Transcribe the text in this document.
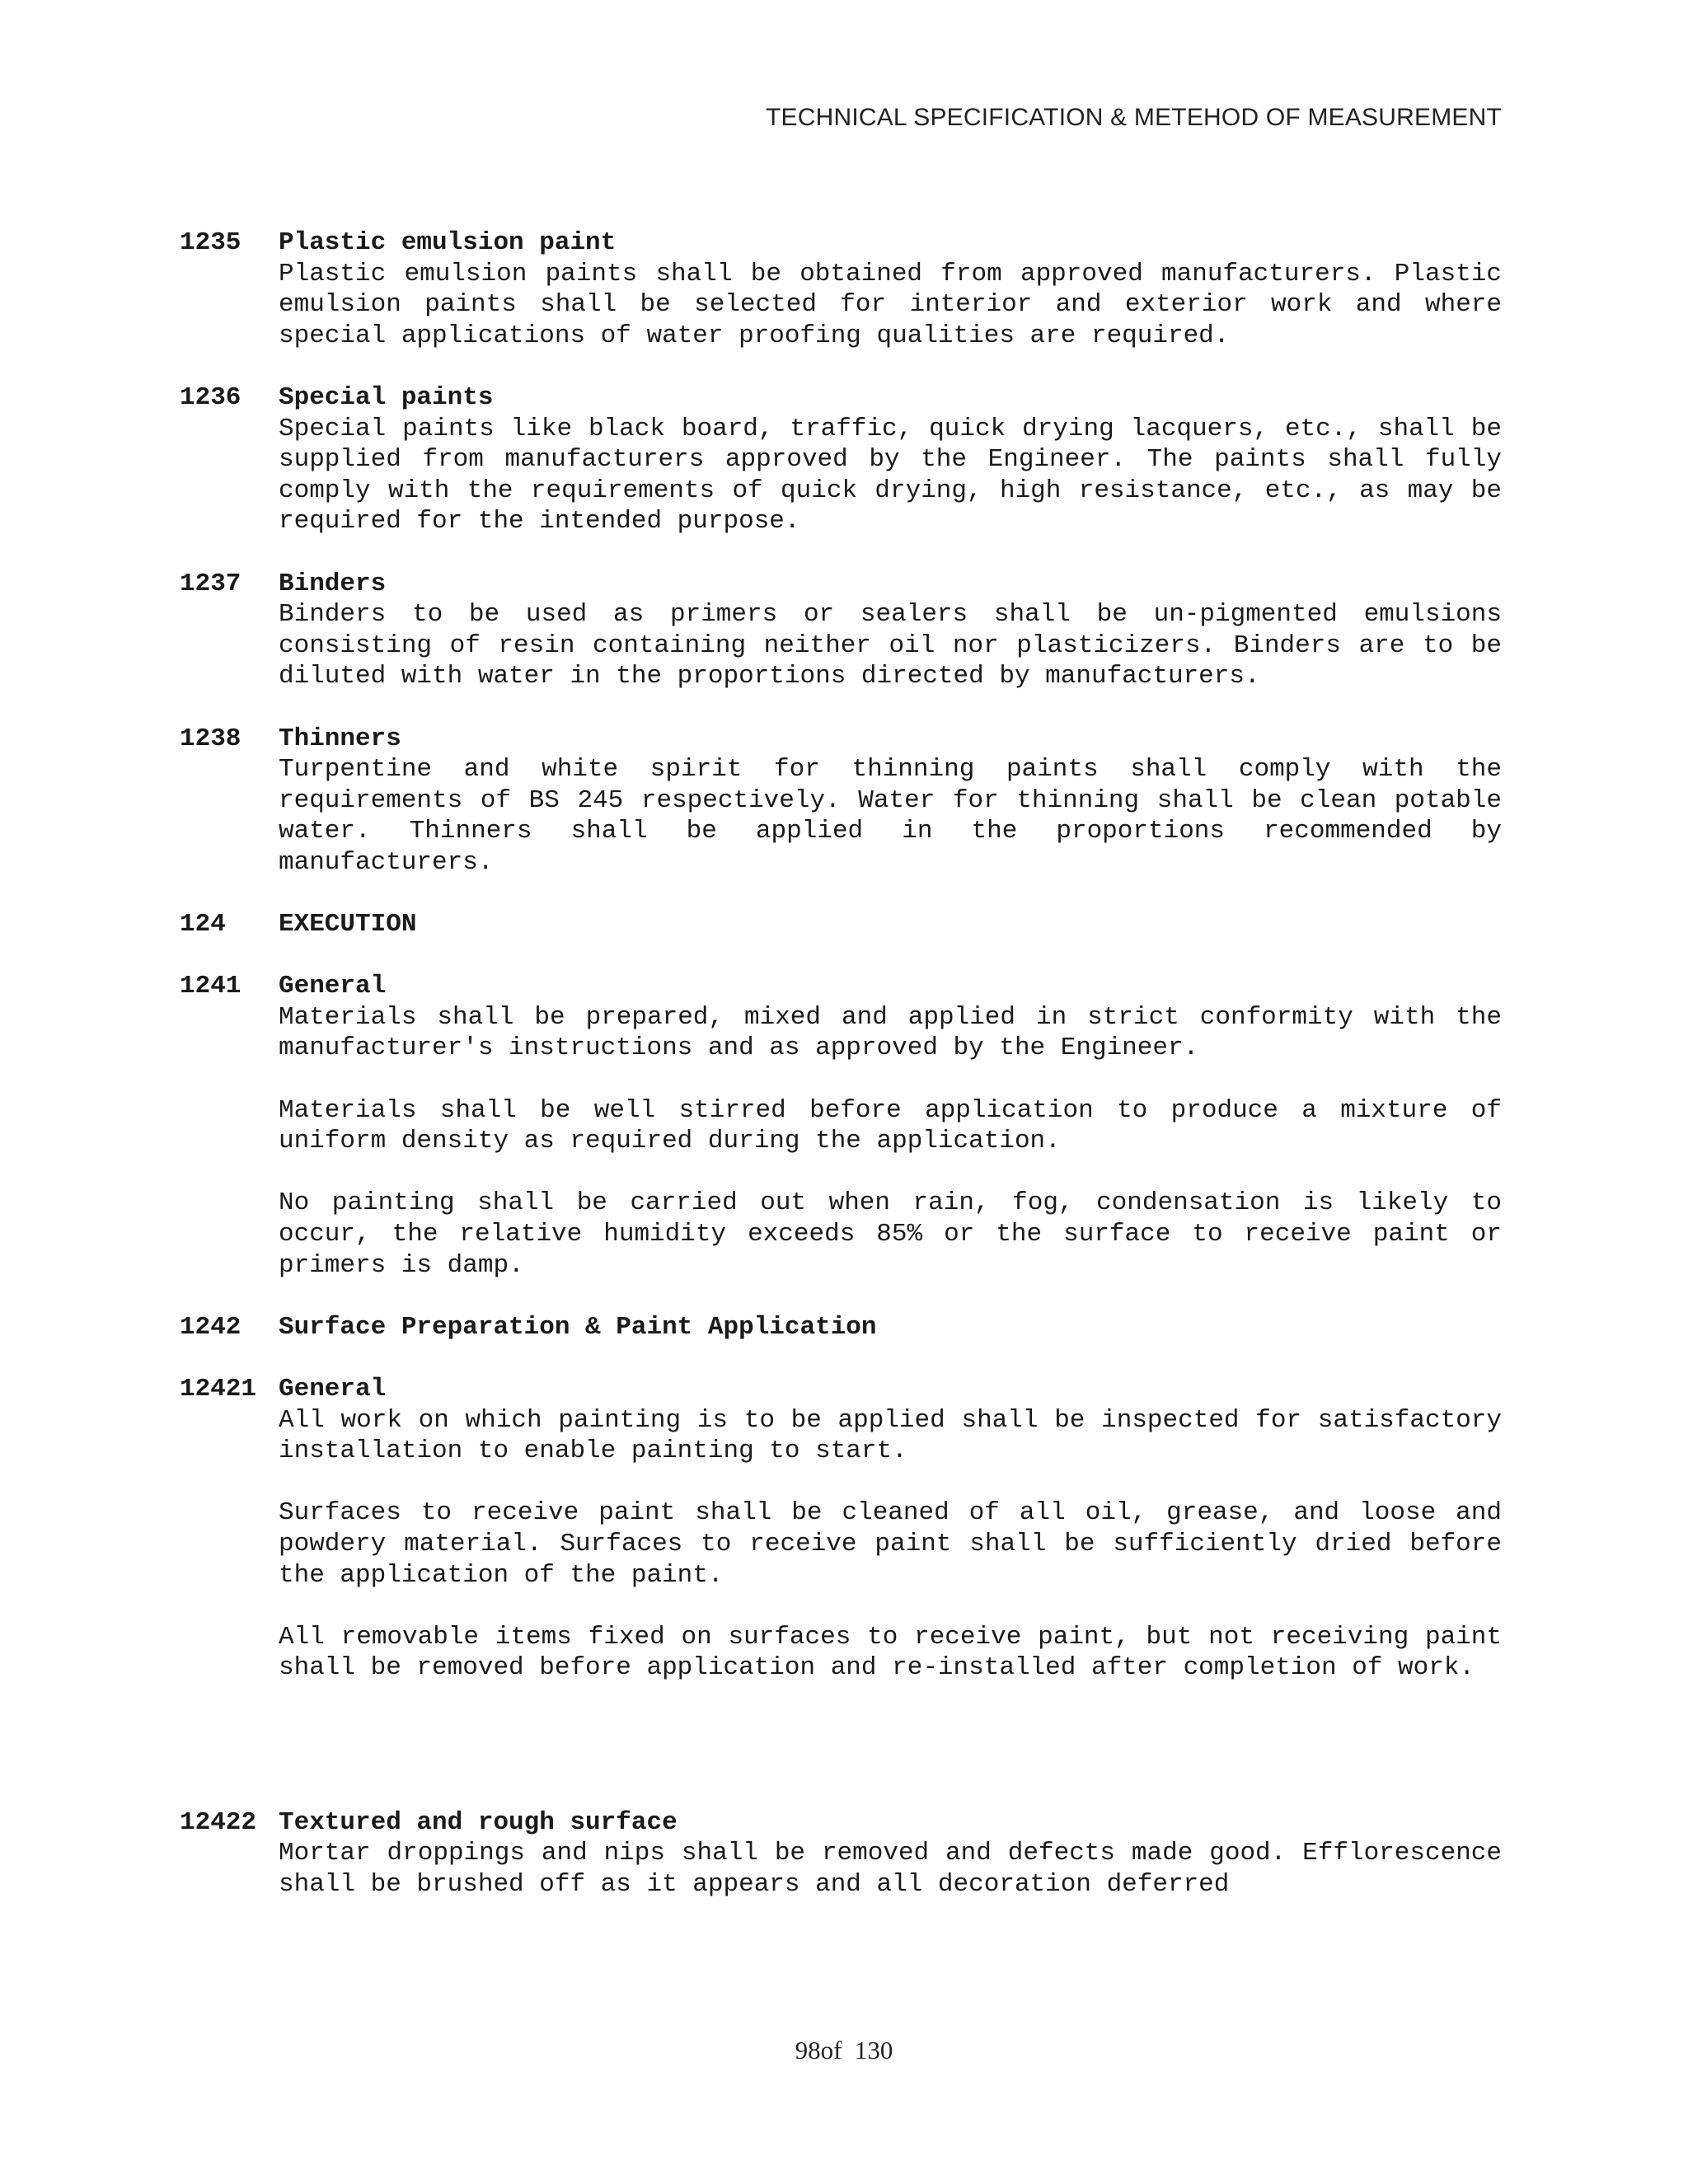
TECHNICAL SPECIFICATION & METEHOD OF MEASUREMENT
1235 Plastic emulsion paint
Plastic emulsion paints shall be obtained from approved manufacturers. Plastic emulsion paints shall be selected for interior and exterior work and where special applications of water proofing qualities are required.
1236 Special paints
Special paints like black board, traffic, quick drying lacquers, etc., shall be supplied from manufacturers approved by the Engineer. The paints shall fully comply with the requirements of quick drying, high resistance, etc., as may be required for the intended purpose.
1237 Binders
Binders to be used as primers or sealers shall be un-pigmented emulsions consisting of resin containing neither oil nor plasticizers. Binders are to be diluted with water in the proportions directed by manufacturers.
1238 Thinners
Turpentine and white spirit for thinning paints shall comply with the requirements of BS 245 respectively. Water for thinning shall be clean potable water. Thinners shall be applied in the proportions recommended by manufacturers.
124 EXECUTION
1241 General
Materials shall be prepared, mixed and applied in strict conformity with the manufacturer's instructions and as approved by the Engineer.
Materials shall be well stirred before application to produce a mixture of uniform density as required during the application.
No painting shall be carried out when rain, fog, condensation is likely to occur, the relative humidity exceeds 85% or the surface to receive paint or primers is damp.
1242 Surface Preparation & Paint Application
12421 General
All work on which painting is to be applied shall be inspected for satisfactory installation to enable painting to start.
Surfaces to receive paint shall be cleaned of all oil, grease, and loose and powdery material. Surfaces to receive paint shall be sufficiently dried before the application of the paint.
All removable items fixed on surfaces to receive paint, but not receiving paint shall be removed before application and re-installed after completion of work.
12422 Textured and rough surface
Mortar droppings and nips shall be removed and defects made good. Efflorescence shall be brushed off as it appears and all decoration deferred
98of 130
